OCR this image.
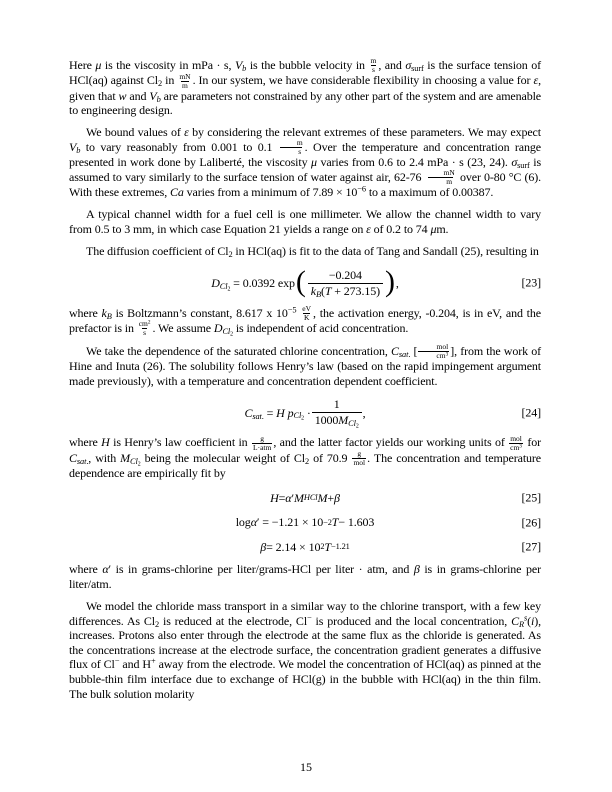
Here μ is the viscosity in mPa · s, $V_b$ is the bubble velocity in $\frac{m}{s}$ , and $\sigma_{surf}$ is the surface tension of HCl(aq) against $Cl_2$ in $\frac{mN}{m}$ . In our system, we have considerable flexibility in choosing a value for ε, given that w and $V_b$ are parameters not constrained by any other part of the system and are amenable to engineering design.

We bound values of ε by considering the relevant extremes of these parameters. We may expect $V_b$ to vary reasonably from 0.001 to $0.1 \frac{m}{s}$ . Over the temperature and concentration range presented in work done by Laliberté, the viscosity μ varies from 0.6 to 2.4 mPa · s (23, 24). $\sigma_{surf}$ is assumed to vary similarly to the surface tension of water against air, $62-76 \frac{mN}{m}$ over 0-80 °C (6). With these extremes, Ca varies from a minimum of $7.89 \times 10^{-6}$ to a maximum of 0.00387.

A typical channel width for a fuel cell is one millimeter. We allow the channel width to vary from 0.5 to 3 mm, in which case Equation 21 yields a range on ε of 0.2 to 74 μm.

The diffusion coefficient of $Cl_2$ in HCl(aq) is fit to the data of Tang and Sandall (25), resulting in

$D_{Cl_2} = 0.0392$ exp ( $\frac{-0.204}{k_B(T + 273.15)}$ ) ,	[23]

where $k_B$ is Boltzmann’s constant, 8.617 x $10^{-5} \frac{eV}{K}$ , the activation energy, -0.204, is in eV, and the prefactor is in $\frac{cm^2}{s}$ . We assume $D_{Cl_2}$ is independent of acid concentration.

We take the dependence of the saturated chlorine concentration, $C_{sat.}$ [	mol
$cm^3$ ], from the work of Hine and Inuta (26). The solubility follows Henry’s law (based on the rapid impingement argument made previously), with a temperature and concentration dependent coefficient.

$C_{sat.} = H$ $p_{Cl_2}$ ·
1
$1000M_{Cl_2}$
,	[24]

where H is Henry’s law coefficient in g
L·atm , and the latter factor yields our working units of mol
$cm^3$ for $C_{sat.}$, with $M_{Cl_2}$ being the molecular weight of $Cl_2$ of 70.9 g
mol . The concentration and temperature dependence are empirically fit by

H = α ′ M HCl M + β	[25]
log α ′ = −1.21 × 10 −2 T − 1.603	[26]
β = 2.14 × 10 2 T −1.21	[27]

where α′ is in grams-chlorine per liter/grams-HCl per liter · atm, and β is in grams-chlorine per liter/atm.

We model the chloride mass transport in a similar way to the chlorine transport, with a few key differences. As $Cl_2$ is reduced at the electrode, Cl− is produced and the local concentration, $C_R^s(i)$, increases. Protons also enter through the electrode at the same flux as the chloride is generated. As the concentrations increase at the electrode surface, the concentration gradient generates a diffusive flux of Cl− and H+ away from the electrode. We model the concentration of HCl(aq) as pinned at the bubble-thin film interface due to exchange of HCl(g) in the bubble with HCl(aq) in the thin film. The bulk solution molarity

15
